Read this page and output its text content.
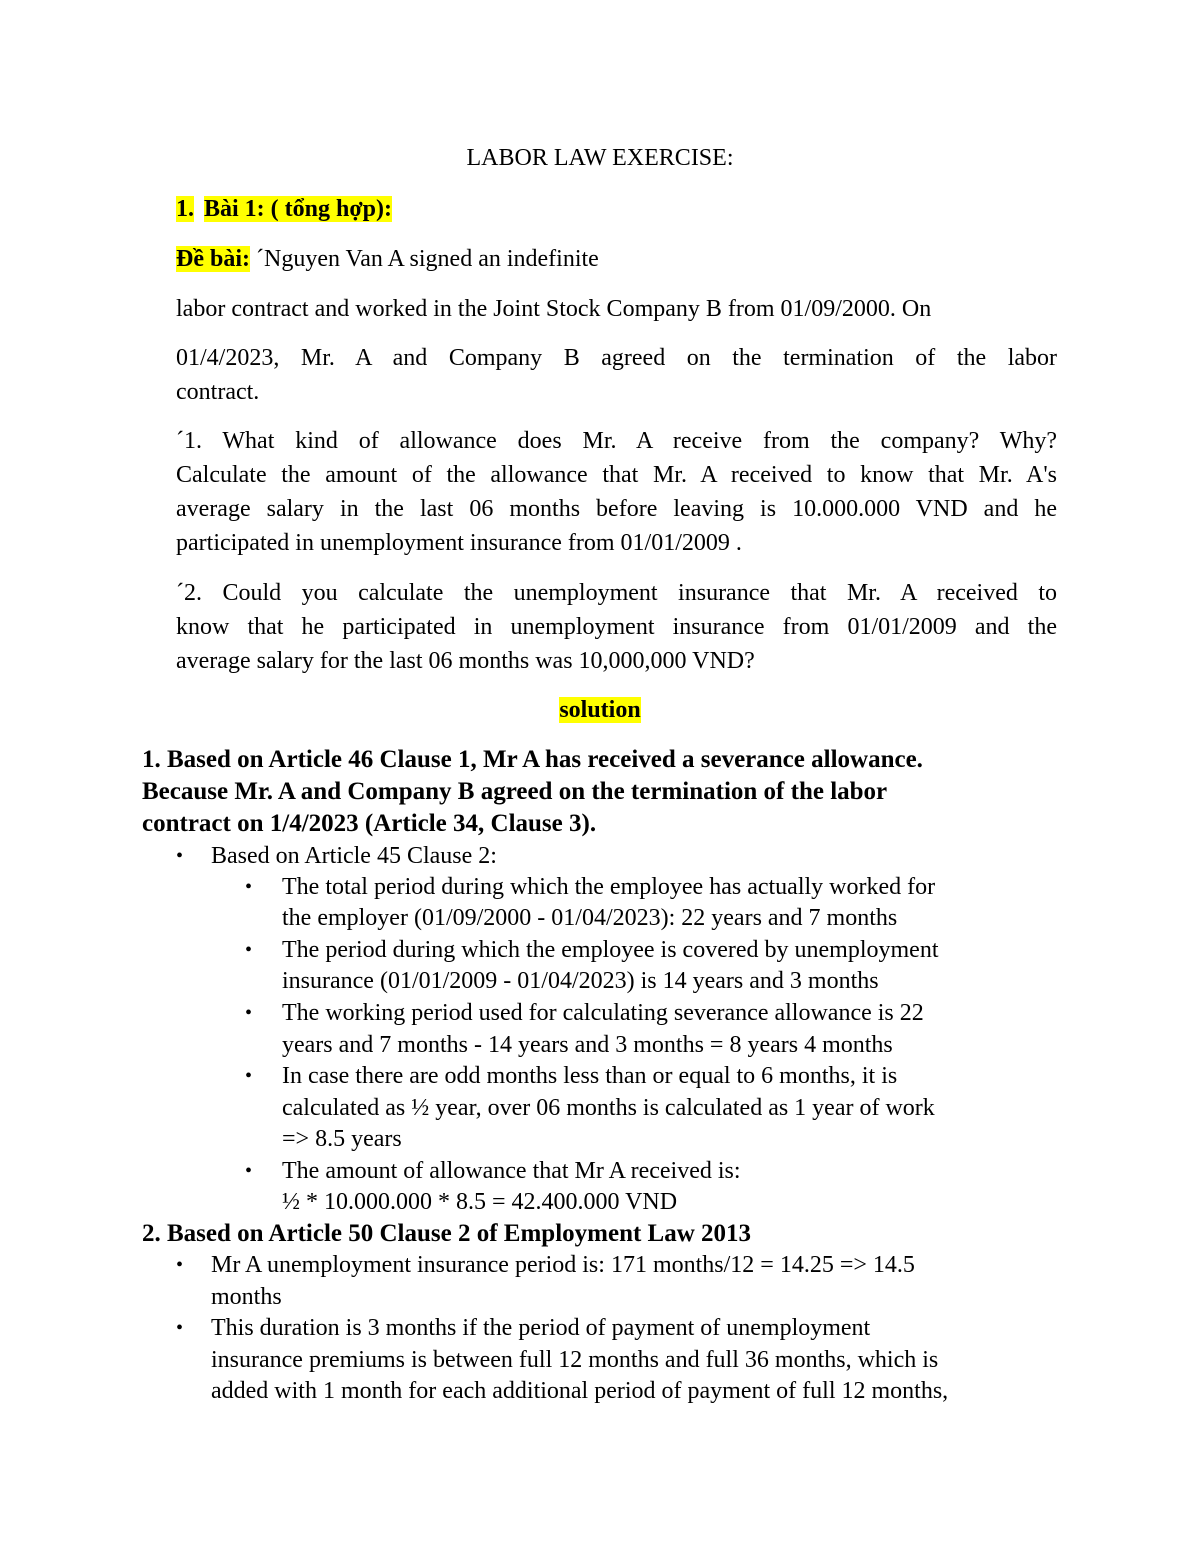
LABOR LAW EXERCISE:
1. Bài 1: ( tổng hợp):
Đề bài: ´Nguyen Van A signed an indefinite
labor contract and worked in the Joint Stock Company B from 01/09/2000. On
01/4/2023, Mr. A and Company B agreed on the termination of the labor
contract.
´1. What kind of allowance does Mr. A receive from the company? Why?
Calculate the amount of the allowance that Mr. A received to know that Mr. A's
average salary in the last 06 months before leaving is 10.000.000 VND and he
participated in unemployment insurance from 01/01/2009 .
´2. Could you calculate the unemployment insurance that Mr. A received to
know that he participated in unemployment insurance from 01/01/2009 and the
average salary for the last 06 months was 10,000,000 VND?
solution
1. Based on Article 46 Clause 1, Mr A has received a severance allowance.
Because Mr. A and Company B agreed on the termination of the labor
contract on 1/4/2023 (Article 34, Clause 3).
• Based on Article 45 Clause 2:
• The total period during which the employee has actually worked for
the employer (01/09/2000 - 01/04/2023): 22 years and 7 months
• The period during which the employee is covered by unemployment
insurance (01/01/2009 - 01/04/2023) is 14 years and 3 months
• The working period used for calculating severance allowance is 22
years and 7 months - 14 years and 3 months = 8 years 4 months
• In case there are odd months less than or equal to 6 months, it is
calculated as ½ year, over 06 months is calculated as 1 year of work
=> 8.5 years
• The amount of allowance that Mr A received is:
½ * 10.000.000 * 8.5 = 42.400.000 VND
2. Based on Article 50 Clause 2 of Employment Law 2013
• Mr A unemployment insurance period is: 171 months/12 = 14.25 => 14.5
months
• This duration is 3 months if the period of payment of unemployment
insurance premiums is between full 12 months and full 36 months, which is
added with 1 month for each additional period of payment of full 12 months,
